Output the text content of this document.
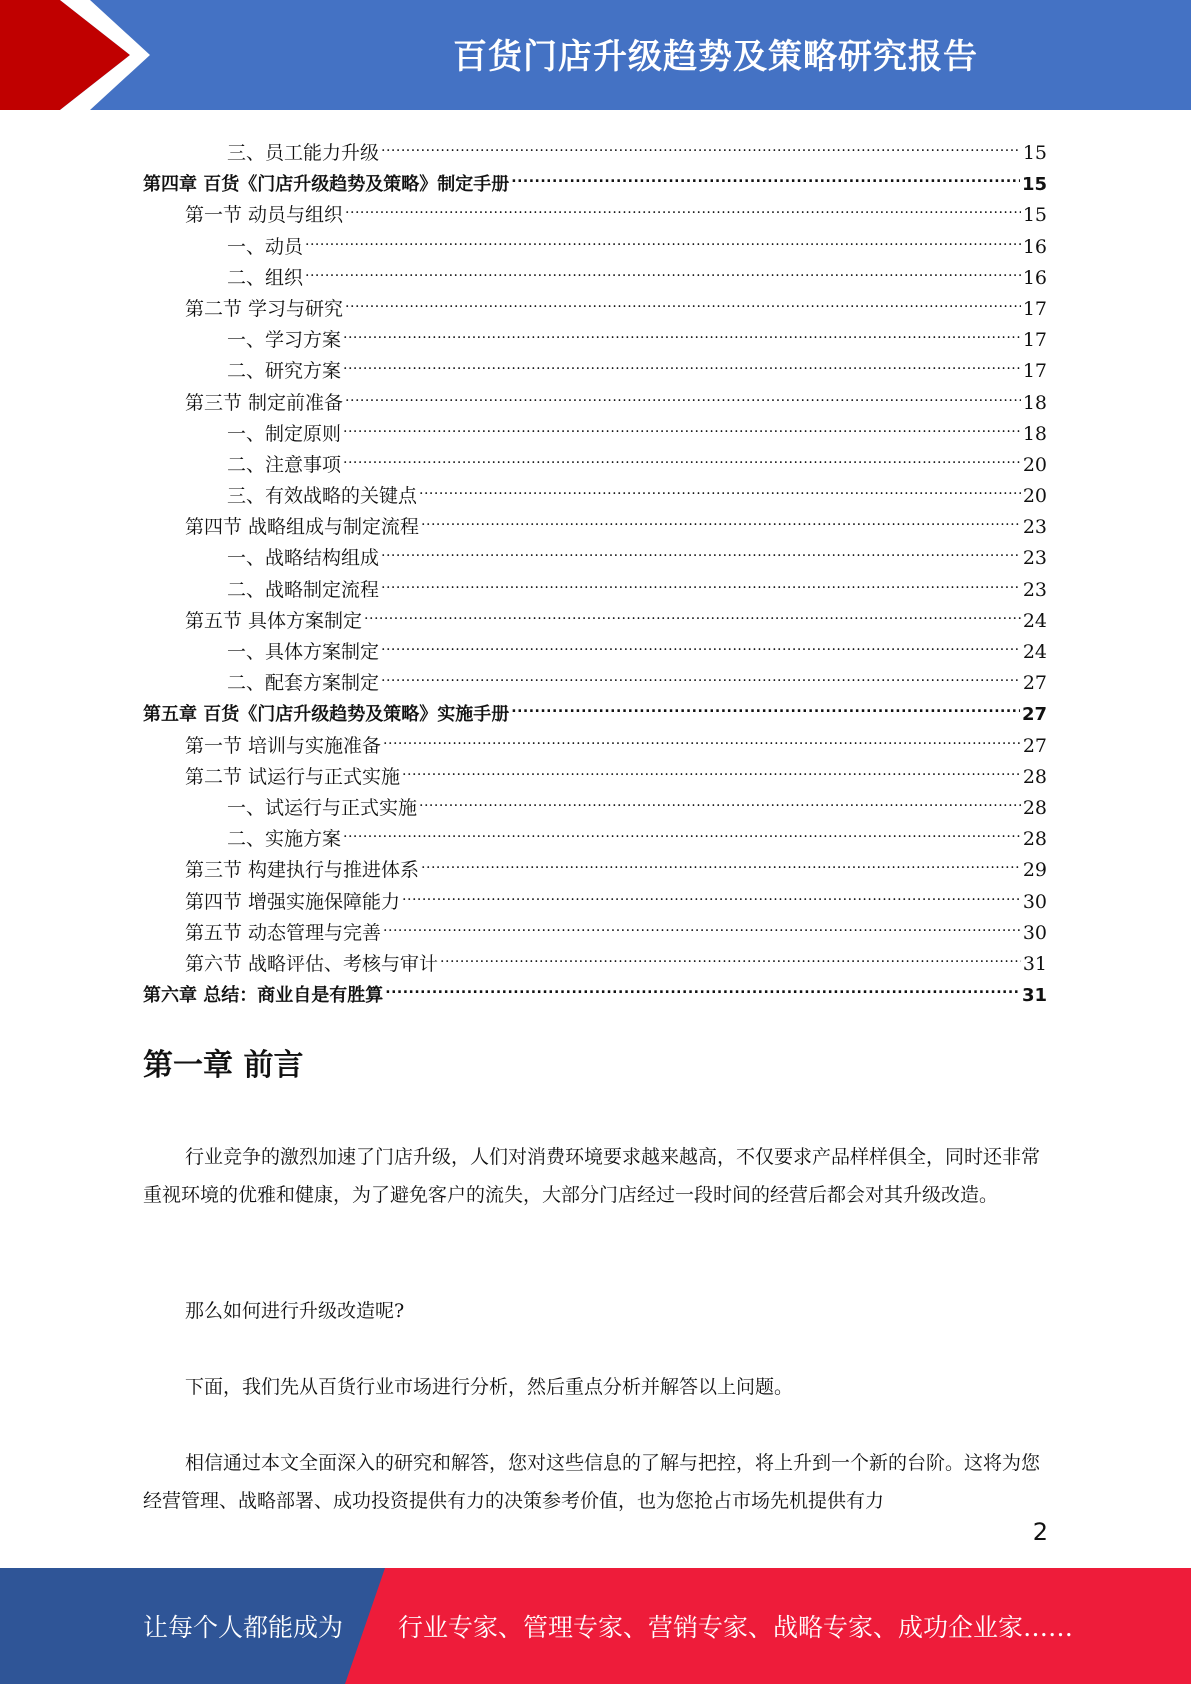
百货门店升级趋势及策略研究报告
三、员工能力升级 .....	15
第四章 百货《门店升级趋势及策略》制定手册 .....	15
第一节 动员与组织 .....	15
一、动员 .....	16
二、组织 .....	16
第二节 学习与研究 .....	17
一、学习方案 .....	17
二、研究方案 .....	17
第三节 制定前准备 .....	18
一、制定原则 .....	18
二、注意事项 .....	20
三、有效战略的关键点 .....	20
第四节 战略组成与制定流程 .....	23
一、战略结构组成 .....	23
二、战略制定流程 .....	23
第五节 具体方案制定 .....	24
一、具体方案制定 .....	24
二、配套方案制定 .....	27
第五章 百货《门店升级趋势及策略》实施手册 .....	27
第一节 培训与实施准备 .....	27
第二节 试运行与正式实施 .....	28
一、试运行与正式实施 .....	28
二、实施方案 .....	28
第三节 构建执行与推进体系 .....	29
第四节 增强实施保障能力 .....	30
第五节 动态管理与完善 .....	30
第六节 战略评估、考核与审计 .....	31
第六章 总结：商业自是有胜算 .....	31
第一章 前言

行业竞争的激烈加速了门店升级，人们对消费环境要求越来越高，不仅要求产品样样俱全，同时还非常重视环境的优雅和健康，为了避免客户的流失，大部分门店经过一段时间的经营后都会对其升级改造。

那么如何进行升级改造呢?

下面，我们先从百货行业市场进行分析，然后重点分析并解答以上问题。

相信通过本文全面深入的研究和解答，您对这些信息的了解与把控，将上升到一个新的台阶。这将为您经营管理、战略部署、成功投资提供有力的决策参考价值，也为您抢占市场先机提供有力

2
让每个人都能成为 行业专家、管理专家、营销专家、战略专家、成功企业家……
